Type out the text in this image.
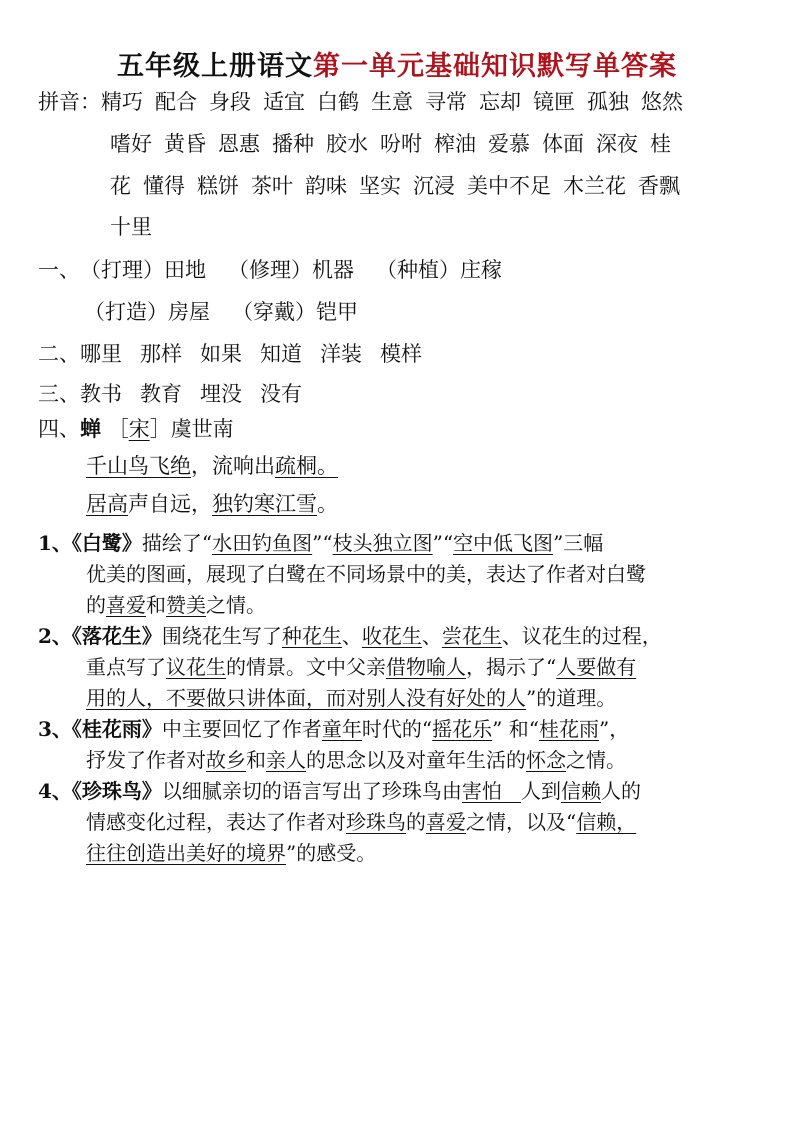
五年级上册语文第一单元基础知识默写单答案
拼音：精巧 配合 身段 适宜 白鹤 生意 寻常 忘却 镜匣 孤独 悠然
嗜好 黄昏 恩惠 播种 胶水 吩咐 榨油 爱慕 体面 深夜 桂
花 懂得 糕饼 茶叶 韵味 坚实 沉浸 美中不足 木兰花 香飘
十里
一、（打理）田地 （修理）机器 （种植）庄稼
（打造）房屋 （穿戴）铠甲
二、哪里 那样 如果 知道 洋装 模样
三、教书 教育 埋没 没有
四、蝉 ［宋］虞世南
千山鸟飞绝，流响出疏桐。
居高声自远，独钓寒江雪。
1、《白鹭》描绘了“水田钓鱼图”“枝头独立图”“空中低飞图”三幅
优美的图画，展现了白鹭在不同场景中的美，表达了作者对白鹭
的喜爱和赞美之情。
2、《落花生》围绕花生写了种花生、收花生、尝花生、议花生的过程，
重点写了议花生的情景。文中父亲借物喻人，揭示了“人要做有
用的人，不要做只讲体面，而对别人没有好处的人”的道理。
3、《桂花雨》中主要回忆了作者童年时代的“摇花乐” 和“桂花雨”，
抒发了作者对故乡和亲人的思念以及对童年生活的怀念之情。
4、《珍珠鸟》以细腻亲切的语言写出了珍珠鸟由害怕 人到信赖人的
情感变化过程，表达了作者对珍珠鸟的喜爱之情，以及“信赖，
往往创造出美好的境界”的感受。
